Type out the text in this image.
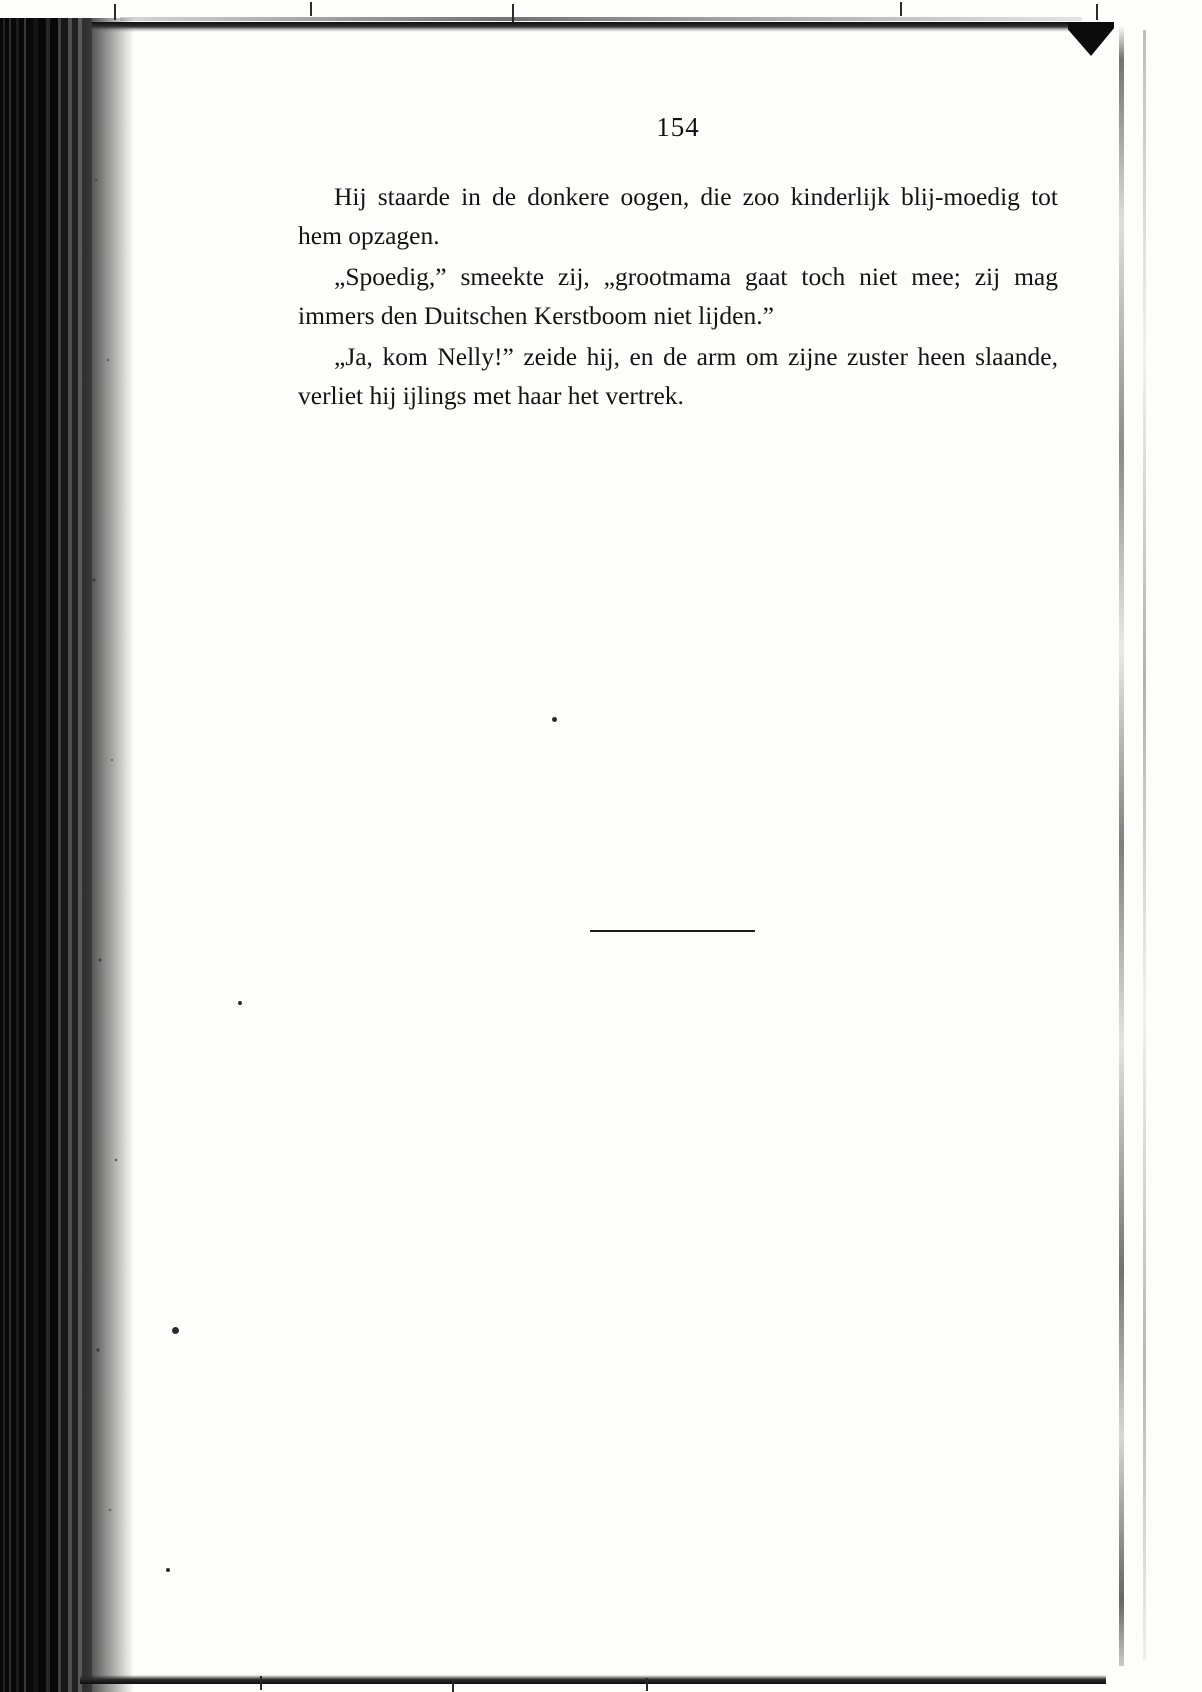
154

Hij staarde in de donkere oogen, die zoo kinderlijk blij-moedig tot hem opzagen.

„Spoedig,” smeekte zij, „grootmama gaat toch niet mee; zij mag immers den Duitschen Kerstboom niet lijden.”

„Ja, kom Nelly!” zeide hij, en de arm om zijne zuster heen slaande, verliet hij ijlings met haar het vertrek.
